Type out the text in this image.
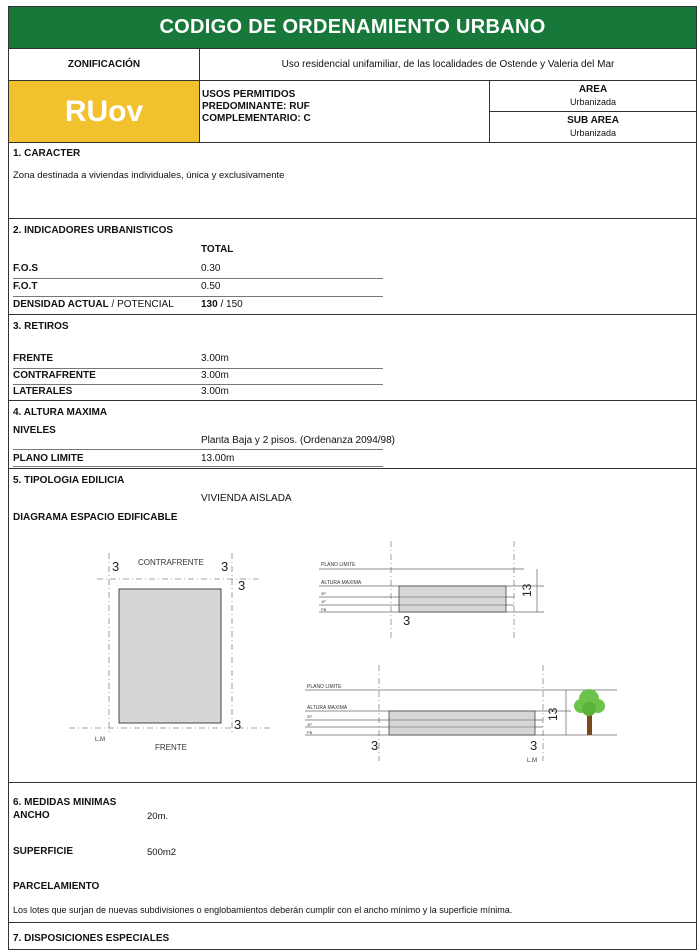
CODIGO DE ORDENAMIENTO URBANO
ZONIFICACIÓN	Uso residencial unifamiliar, de las localidades de Ostende y Valeria del Mar
RUov	USOS PERMITIDOS
PREDOMINANTE: RUF
COMPLEMENTARIO: C
AREA
Urbanizada
SUB AREA
Urbanizada
1. CARACTER
Zona destinada a viviendas individuales, única y exclusivamente
2. INDICADORES URBANISTICOS
TOTAL
F.O.S	0.30
F.O.T	0.50
DENSIDAD ACTUAL / POTENCIAL	130 / 150
3. RETIROS
FRENTE	3.00m
CONTRAFRENTE	3.00m
LATERALES	3.00m
4. ALTURA MAXIMA
NIVELES
Planta Baja y 2 pisos. (Ordenanza 2094/98)
PLANO LIMITE	13.00m
5. TIPOLOGIA EDILICIA
VIVIENDA AISLADA
DIAGRAMA ESPACIO EDIFICABLE
CONTRAFRENTE
3	3
3
3
FRENTE
L.M
PLANO LIMITE
ALTURA MAXIMA
2P
1P
PB
13
3
PLANO LIMITE
ALTURA MAXIMA
2P
1P
PB
13
3	3
L.M
6. MEDIDAS MINIMAS
ANCHO	20m.
SUPERFICIE	500m2
PARCELAMIENTO
Los lotes que surjan de nuevas subdivisiones o englobamientos deberán cumplir con el ancho mínimo y la superficie mínima.
7. DISPOSICIONES ESPECIALES
